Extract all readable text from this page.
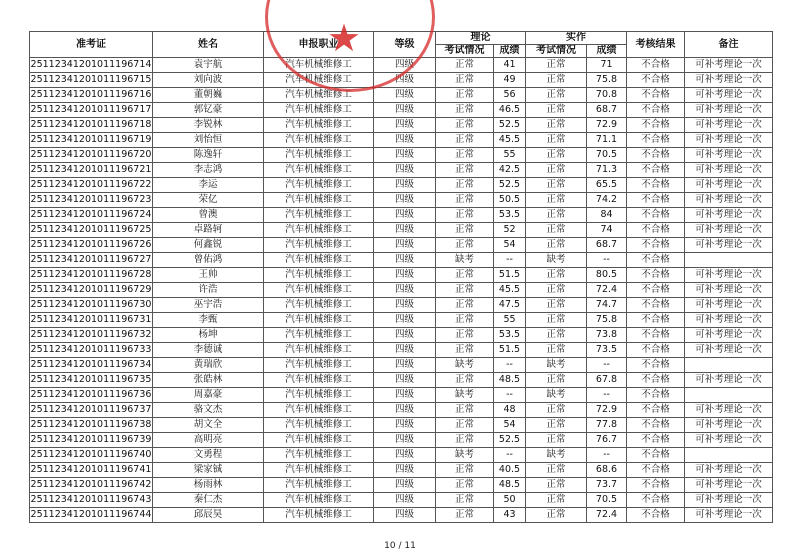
★
准考证	姓名	申报职业	等级	理论		实作		考核结果	备注
				考试情况	成绩	考试情况	成绩		
25112341201011196714	袁宇航	汽车机械维修工	四级	正常	41	正常	71	不合格	可补考理论一次
25112341201011196715	刘向波	汽车机械维修工	四级	正常	49	正常	75.8	不合格	可补考理论一次
25112341201011196716	董朝巍	汽车机械维修工	四级	正常	56	正常	70.8	不合格	可补考理论一次
25112341201011196717	郭钇豪	汽车机械维修工	四级	正常	46.5	正常	68.7	不合格	可补考理论一次
25112341201011196718	李锐林	汽车机械维修工	四级	正常	52.5	正常	72.9	不合格	可补考理论一次
25112341201011196719	刘怡恒	汽车机械维修工	四级	正常	45.5	正常	71.1	不合格	可补考理论一次
25112341201011196720	陈逸轩	汽车机械维修工	四级	正常	55	正常	70.5	不合格	可补考理论一次
25112341201011196721	李志鸿	汽车机械维修工	四级	正常	42.5	正常	71.3	不合格	可补考理论一次
25112341201011196722	李运	汽车机械维修工	四级	正常	52.5	正常	65.5	不合格	可补考理论一次
25112341201011196723	荣亿	汽车机械维修工	四级	正常	50.5	正常	74.2	不合格	可补考理论一次
25112341201011196724	曾澳	汽车机械维修工	四级	正常	53.5	正常	84	不合格	可补考理论一次
25112341201011196725	卓路轲	汽车机械维修工	四级	正常	52	正常	74	不合格	可补考理论一次
25112341201011196726	何鑫锐	汽车机械维修工	四级	正常	54	正常	68.7	不合格	可补考理论一次
25112341201011196727	曾佑鸿	汽车机械维修工	四级	缺考	--	缺考	--	不合格	
25112341201011196728	王帅	汽车机械维修工	四级	正常	51.5	正常	80.5	不合格	可补考理论一次
25112341201011196729	许浩	汽车机械维修工	四级	正常	45.5	正常	72.4	不合格	可补考理论一次
25112341201011196730	巫宇浩	汽车机械维修工	四级	正常	47.5	正常	74.7	不合格	可补考理论一次
25112341201011196731	李甄	汽车机械维修工	四级	正常	55	正常	75.8	不合格	可补考理论一次
25112341201011196732	杨坤	汽车机械维修工	四级	正常	53.5	正常	73.8	不合格	可补考理论一次
25112341201011196733	李德诚	汽车机械维修工	四级	正常	51.5	正常	73.5	不合格	可补考理论一次
25112341201011196734	黄瑞欣	汽车机械维修工	四级	缺考	--	缺考	--	不合格	
25112341201011196735	张皓林	汽车机械维修工	四级	正常	48.5	正常	67.8	不合格	可补考理论一次
25112341201011196736	周嘉豪	汽车机械维修工	四级	缺考	--	缺考	--	不合格	
25112341201011196737	骆文杰	汽车机械维修工	四级	正常	48	正常	72.9	不合格	可补考理论一次
25112341201011196738	胡文全	汽车机械维修工	四级	正常	54	正常	77.8	不合格	可补考理论一次
25112341201011196739	高明亮	汽车机械维修工	四级	正常	52.5	正常	76.7	不合格	可补考理论一次
25112341201011196740	文勇程	汽车机械维修工	四级	缺考	--	缺考	--	不合格	
25112341201011196741	梁家铖	汽车机械维修工	四级	正常	40.5	正常	68.6	不合格	可补考理论一次
25112341201011196742	杨雨林	汽车机械维修工	四级	正常	48.5	正常	73.7	不合格	可补考理论一次
25112341201011196743	秦仁杰	汽车机械维修工	四级	正常	50	正常	70.5	不合格	可补考理论一次
25112341201011196744	邱辰昊	汽车机械维修工	四级	正常	43	正常	72.4	不合格	可补考理论一次
10 / 11
